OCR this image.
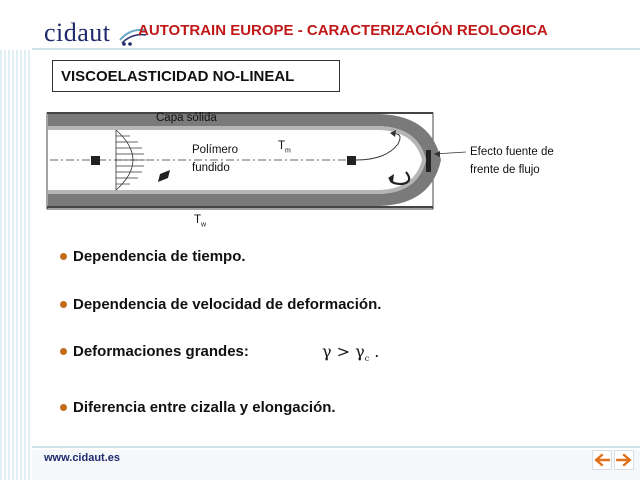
cidaut AUTOTRAIN EUROPE - CARACTERIZACIÓN REOLOGICA
VISCOELASTICIDAD NO-LINEAL
Capa sólida
Polímero
fundido
$T_m$
$T_w$
Efecto fuente de
frente de flujo
Dependencia de tiempo.
Dependencia de velocidad de deformación.
Deformaciones grandes:	$\gamma > \gamma_c$ .
Diferencia entre cizalla y elongación.
www.cidaut.es
